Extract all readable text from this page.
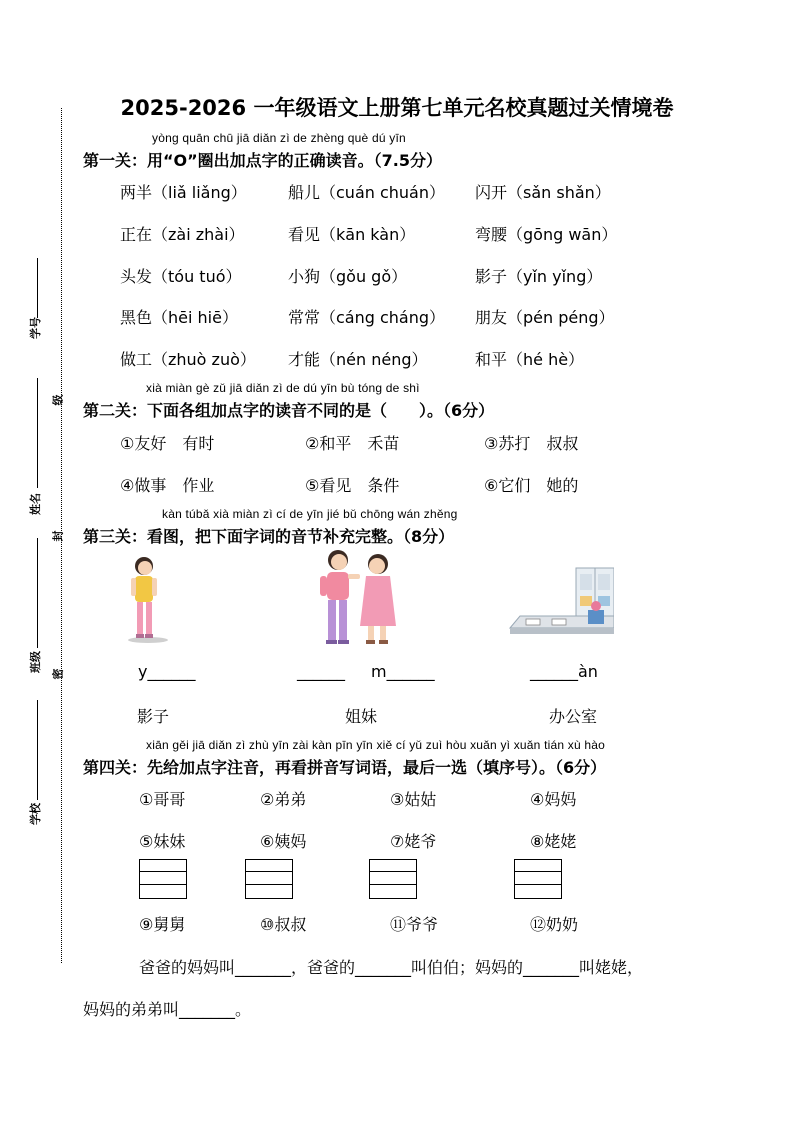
学号
级
姓名
封
班级
密
学校
2025-2026 一年级语文上册第七单元名校真题过关情境卷
yòng quān chū jiā diǎn zì de zhèng què dú yīn
第一关：用“O”圈出加点字的正确读音。（7.5分）
两半（liǎ liǎng）	船儿（cuán chuán） 闪开（sǎn shǎn）
正在（zài zhài）	看见（kān kàn）	弯腰（gōng wān）
头发（tóu tuó）	小狗（gǒu gǒ）	影子（yǐn yǐng）
黑色（hēi hiē）	常常（cáng cháng） 朋友（pén péng）
做工（zhuò zuò） 才能（nén néng）	和平（hé hè）
xià miàn gè zǔ jiā diǎn zì de dú yīn bù tóng de shì
第二关：下面各组加点字的读音不同的是（　　）。（6分）
①友好　有时	②和平　禾苗	③苏打　叔叔
④做事　作业	⑤看见　条件	⑥它们　她的
kàn túbǎ xià miàn zì cí de yīn jié bǔ chōng wán zhěng
第三关：看图，把下面字词的音节补充完整。（8分）
y______	______ m______	______àn
影子	姐妹	办公室
xiān gěi jiā diǎn zì zhù yīn zài kàn pīn yīn xiě cí yǔ zuì hòu xuǎn yì xuǎn tián xù hào
第四关：先给加点字注音，再看拼音写词语，最后一选（填序号）。（6分）
①哥哥	②弟弟	③姑姑	④妈妈
⑤妹妹	⑥姨妈	⑦姥爷	⑧姥姥
⑨舅舅	⑩叔叔	⑪爷爷	⑫奶奶
爸爸的妈妈叫_______，爸爸的_______叫伯伯；妈妈的_______叫姥姥，
妈妈的弟弟叫_______。
